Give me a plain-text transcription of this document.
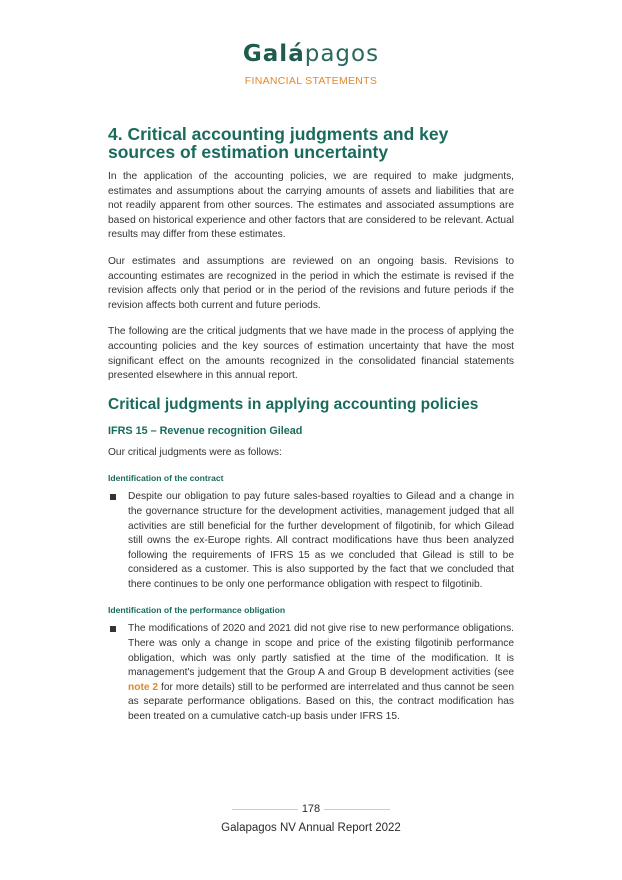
Galápagos
FINANCIAL STATEMENTS
4. Critical accounting judgments and key sources of estimation uncertainty

In the application of the accounting policies, we are required to make judgments, estimates and assumptions about the carrying amounts of assets and liabilities that are not readily apparent from other sources. The estimates and associated assumptions are based on historical experience and other factors that are considered to be relevant. Actual results may differ from these estimates.

Our estimates and assumptions are reviewed on an ongoing basis. Revisions to accounting estimates are recognized in the period in which the estimate is revised if the revision affects only that period or in the period of the revisions and future periods if the revision affects both current and future periods.

The following are the critical judgments that we have made in the process of applying the accounting policies and the key sources of estimation uncertainty that have the most significant effect on the amounts recognized in the consolidated financial statements presented elsewhere in this annual report.

Critical judgments in applying accounting policies
IFRS 15 – Revenue recognition Gilead

Our critical judgments were as follows:

Identification of the contract
Despite our obligation to pay future sales-based royalties to Gilead and a change in the governance structure for the development activities, management judged that all activities are still beneficial for the further development of filgotinib, for which Gilead still owns the ex-Europe rights. All contract modifications have thus been analyzed following the requirements of IFRS 15 as we concluded that Gilead is still to be considered as a customer. This is also supported by the fact that we concluded that there continues to be only one performance obligation with respect to filgotinib.
Identification of the performance obligation
The modifications of 2020 and 2021 did not give rise to new performance obligations. There was only a change in scope and price of the existing filgotinib performance obligation, which was only partly satisfied at the time of the modification. It is management's judgement that the Group A and Group B development activities (see note 2 for more details) still to be performed are interrelated and thus cannot be seen as separate performance obligations. Based on this, the contract modification has been treated on a cumulative catch-up basis under IFRS 15.
178
Galapagos NV Annual Report 2022
